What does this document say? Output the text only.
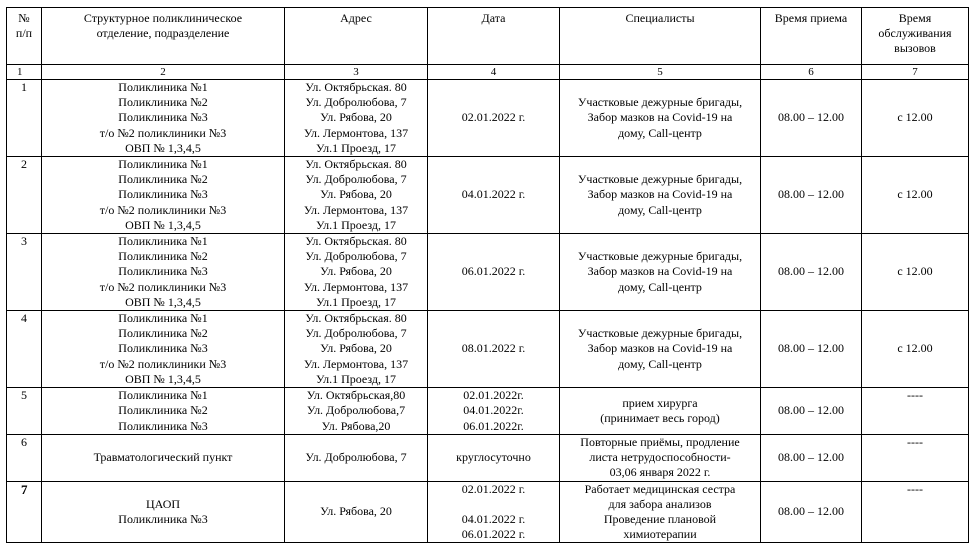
№
п/п	Структурное поликлиническое
отделение, подразделение	Адрес	Дата	Специалисты	Время приема	Время
обслуживания
вызовов

1	2	3	4	5	6	7
1	Поликлиника №1
Поликлиника №2
Поликлиника №3
т/о №2 поликлиники №3
ОВП № 1,3,4,5	Ул. Октябрьская. 80
Ул. Добролюбова, 7
Ул. Рябова, 20
Ул. Лермонтова, 137
Ул.1 Проезд, 17	02.01.2022 г.	Участковые дежурные бригады,
Забор мазков на Covid-19 на
дому, Call-центр	08.00 – 12.00	с 12.00
2	Поликлиника №1
Поликлиника №2
Поликлиника №3
т/о №2 поликлиники №3
ОВП № 1,3,4,5	Ул. Октябрьская. 80
Ул. Добролюбова, 7
Ул. Рябова, 20
Ул. Лермонтова, 137
Ул.1 Проезд, 17	04.01.2022 г.	Участковые дежурные бригады,
Забор мазков на Covid-19 на
дому, Call-центр	08.00 – 12.00	с 12.00
3	Поликлиника №1
Поликлиника №2
Поликлиника №3
т/о №2 поликлиники №3
ОВП № 1,3,4,5	Ул. Октябрьская. 80
Ул. Добролюбова, 7
Ул. Рябова, 20
Ул. Лермонтова, 137
Ул.1 Проезд, 17	06.01.2022 г.	Участковые дежурные бригады,
Забор мазков на Covid-19 на
дому, Call-центр	08.00 – 12.00	с 12.00
4	Поликлиника №1
Поликлиника №2
Поликлиника №3
т/о №2 поликлиники №3
ОВП № 1,3,4,5	Ул. Октябрьская. 80
Ул. Добролюбова, 7
Ул. Рябова, 20
Ул. Лермонтова, 137
Ул.1 Проезд, 17	08.01.2022 г.	Участковые дежурные бригады,
Забор мазков на Covid-19 на
дому, Call-центр	08.00 – 12.00	с 12.00
5	Поликлиника №1
Поликлиника №2
Поликлиника №3	Ул. Октябрьская,80
Ул. Добролюбова,7
Ул. Рябова,20	02.01.2022г.
04.01.2022г.
06.01.2022г.	прием хирурга
(принимает весь город)	08.00 – 12.00	----
6	Травматологический пункт	Ул. Добролюбова, 7	круглосуточно	Повторные приёмы, продление
листа нетрудоспособности-
03,06 января 2022 г.	08.00 – 12.00	----
7	ЦАОП
Поликлиника №3	Ул. Рябова, 20	02.01.2022 г.
04.01.2022 г.
06.01.2022 г.	Работает медицинская сестра
для забора анализов
Проведение плановой
химиотерапии	08.00 – 12.00	----
